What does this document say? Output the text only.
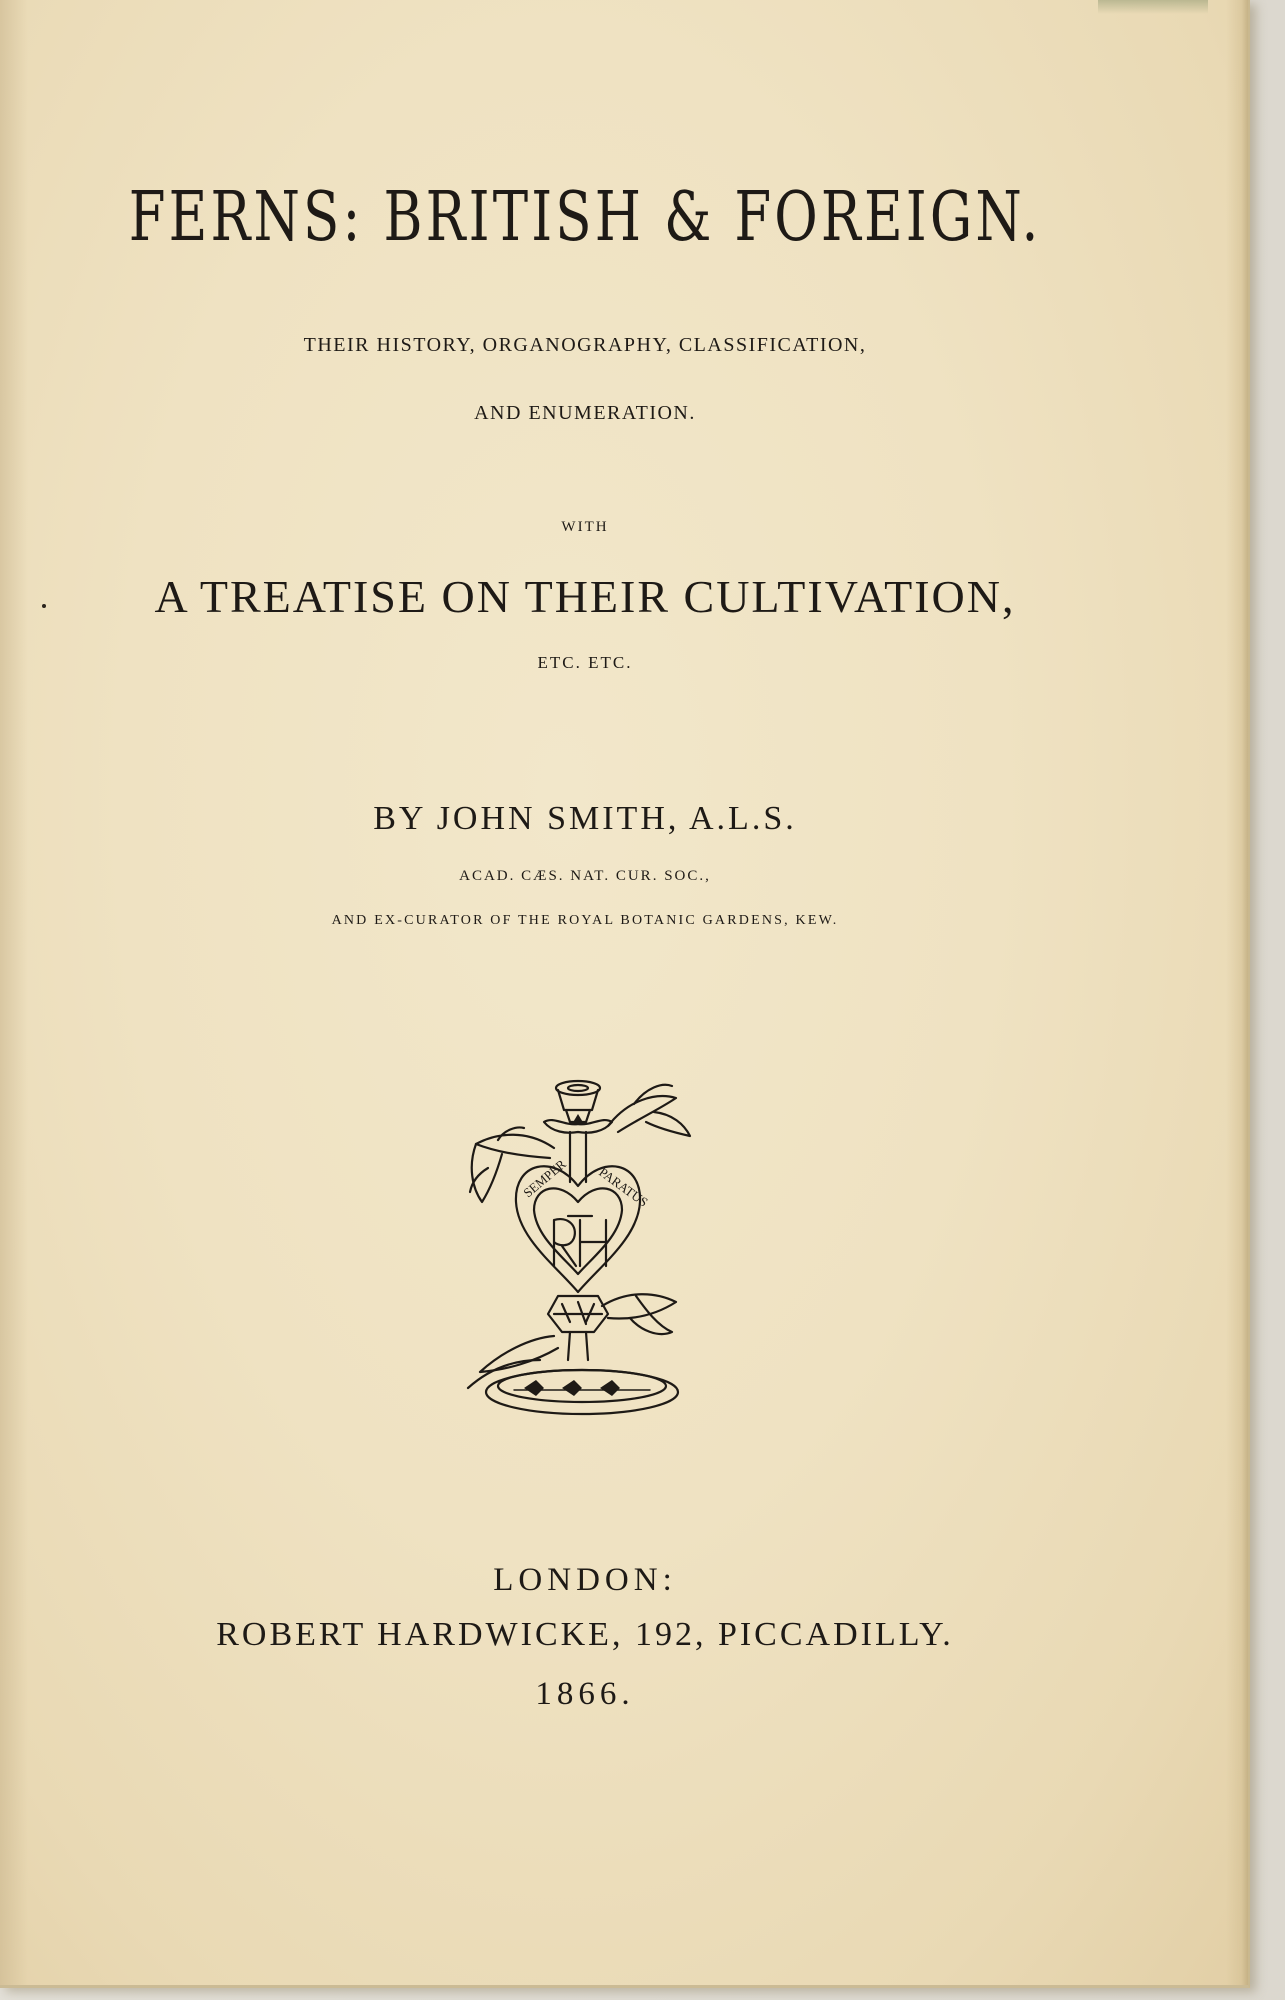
FERNS: BRITISH & FOREIGN.
THEIR HISTORY, ORGANOGRAPHY, CLASSIFICATION,
AND ENUMERATION.
WITH
A TREATISE ON THEIR CULTIVATION,
ETC. ETC.
BY JOHN SMITH, A.L.S.
ACAD. CÆS. NAT. CUR. SOC.,
AND EX-CURATOR OF THE ROYAL BOTANIC GARDENS, KEW.
SEMPER PARATUS
LONDON:
ROBERT HARDWICKE, 192, PICCADILLY.
1866.
